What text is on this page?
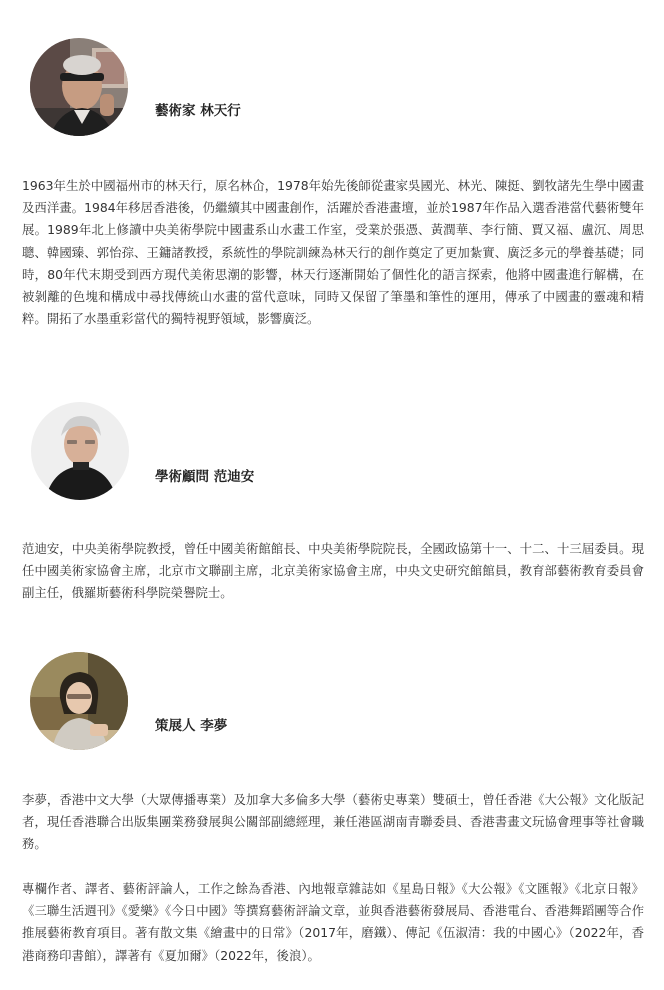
藝術家 林天行

1963年生於中國福州市的林天行，原名林仚，1978年始先後師從畫家吳國光、林光、陳挺、劉牧諸先生學中國畫及西洋畫。1984年移居香港後，仍繼續其中國畫創作，活躍於香港畫壇，並於1987年作品入選香港當代藝術雙年展。1989年北上修讀中央美術學院中國畫系山水畫工作室，受業於張憑、黃潤華、李行簡、賈又福、盧沉、周思聰、韓國臻、郭怡孮、王鏞諸教授，系統性的學院訓練為林天行的創作奠定了更加紮實、廣泛多元的學養基礎；同時，80年代末期受到西方現代美術思潮的影響，林天行逐漸開始了個性化的語言探索，他將中國畫進行解構，在被剝離的色塊和構成中尋找傳統山水畫的當代意味，同時又保留了筆墨和筆性的運用，傳承了中國畫的靈魂和精粹。開拓了水墨重彩當代的獨特視野領域，影響廣泛。

學術顧問 范迪安

范迪安，中央美術學院教授，曾任中國美術館館長、中央美術學院院長，全國政協第十一、十二、十三屆委員。現任中國美術家協會主席，北京市文聯副主席，北京美術家協會主席，中央文史研究館館員，教育部藝術教育委員會副主任，俄羅斯藝術科學院榮譽院士。

策展人 李夢

李夢，香港中文大學（大眾傳播專業）及加拿大多倫多大學（藝術史專業）雙碩士，曾任香港《大公報》文化版記者，現任香港聯合出版集團業務發展與公關部副總經理，兼任港區湖南青聯委員、香港書畫文玩協會理事等社會職務。

專欄作者、譯者、藝術評論人，工作之餘為香港、內地報章雜誌如《星島日報》《大公報》《文匯報》《北京日報》《三聯生活週刊》《愛樂》《今日中國》等撰寫藝術評論文章，並與香港藝術發展局、香港電台、香港舞蹈團等合作推展藝術教育項目。著有散文集《繪畫中的日常》（2017年，磨鐵）、傳記《伍淑清：我的中國心》（2022年，香港商務印書館），譯著有《夏加爾》（2022年，後浪）。
